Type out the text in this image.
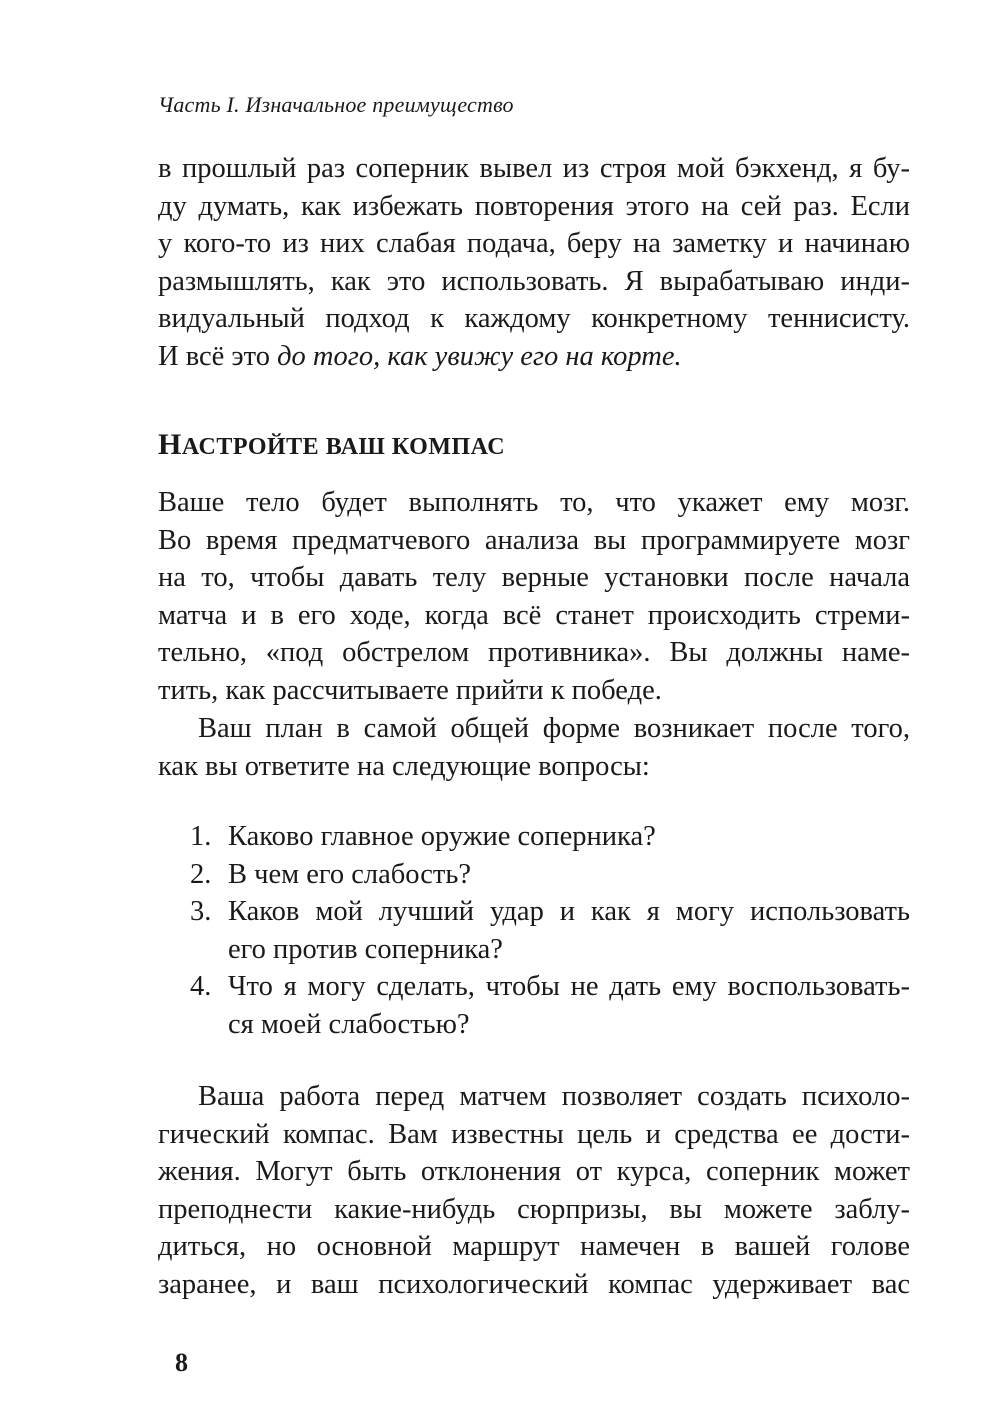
Часть I. Изначальное преимущество
в прошлый раз соперник вывел из строя мой бэкхенд, я бу-
ду думать, как избежать повторения этого на сей раз. Если
у кого-то из них слабая подача, беру на заметку и начинаю
размышлять, как это использовать. Я вырабатываю инди-
видуальный подход к каждому конкретному теннисисту.
И всё это до того, как увижу его на корте.
НАСТРОЙТЕ ВАШ КОМПАС
Ваше тело будет выполнять то, что укажет ему мозг.
Во время предматчевого анализа вы программируете мозг
на то, чтобы давать телу верные установки после начала
матча и в его ходе, когда всё станет происходить стреми-
тельно, «под обстрелом противника». Вы должны наме-
тить, как рассчитываете прийти к победе.
Ваш план в самой общей форме возникает после того,
как вы ответите на следующие вопросы:
1. Каково главное оружие соперника?
2. В чем его слабость?
3. Каков мой лучший удар и как я могу использовать
его против соперника?
4. Что я могу сделать, чтобы не дать ему воспользовать-
ся моей слабостью?
Ваша работа перед матчем позволяет создать психоло-
гический компас. Вам известны цель и средства ее дости-
жения. Могут быть отклонения от курса, соперник может
преподнести какие-нибудь сюрпризы, вы можете заблу-
диться, но основной маршрут намечен в вашей голове
заранее, и ваш психологический компас удерживает вас
8
